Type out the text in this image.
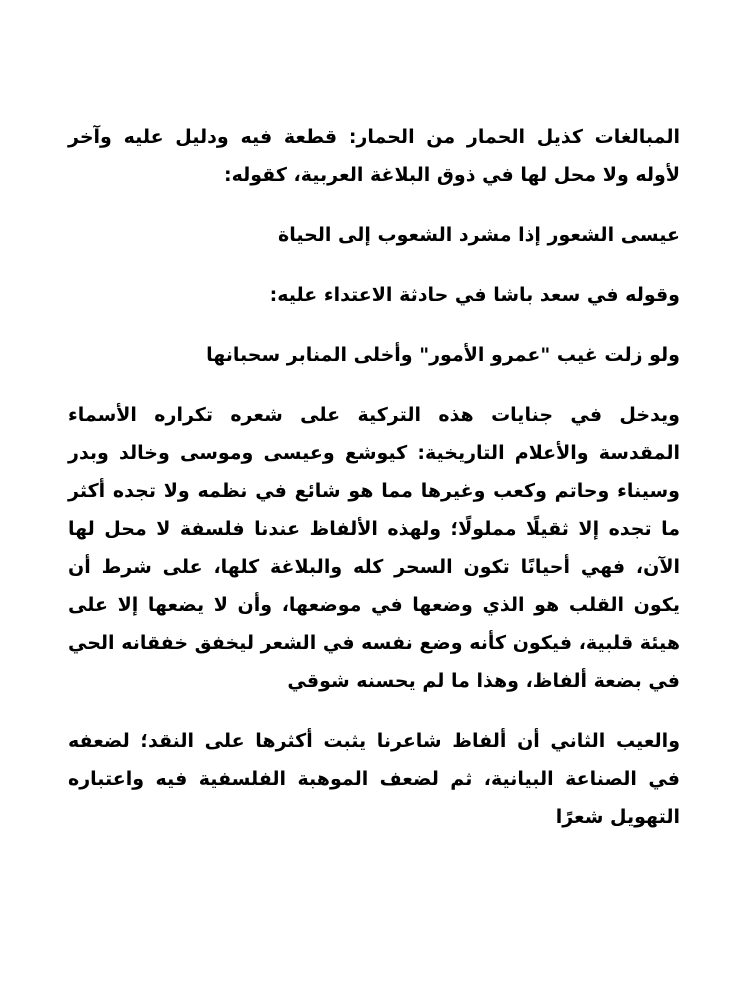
المبالغات كذيل الحمار من الحمار: قطعة فيه ودليل عليه وآخر لأوله ولا محل لها في ذوق البلاغة العربية، كقوله:

عيسى الشعور إذا مشرد الشعوب إلى الحياة

وقوله في سعد باشا في حادثة الاعتداء عليه:

ولو زلت غيب "عمرو الأمور" وأخلى المنابر سحبانها

ويدخل في جنايات هذه التركية على شعره تكراره الأسماء المقدسة والأعلام التاريخية: كيوشع وعيسى وموسى وخالد وبدر وسيناء وحاتم وكعب وغيرها مما هو شائع في نظمه ولا تجده أكثر ما تجده إلا ثقيلًا مملولًا؛ ولهذه الألفاظ عندنا فلسفة لا محل لها الآن، فهي أحيانًا تكون السحر كله والبلاغة كلها، على شرط أن يكون القلب هو الذي وضعها في موضعها، وأن لا يضعها إلا على هيئة قلبية، فيكون كأنه وضع نفسه في الشعر ليخفق خفقانه الحي في بضعة ألفاظ، وهذا ما لم يحسنه شوقي

والعيب الثاني أن ألفاظ شاعرنا يثبت أكثرها على النقد؛ لضعفه في الصناعة البيانية، ثم لضعف الموهبة الفلسفية فيه واعتباره التهويل شعرًا
